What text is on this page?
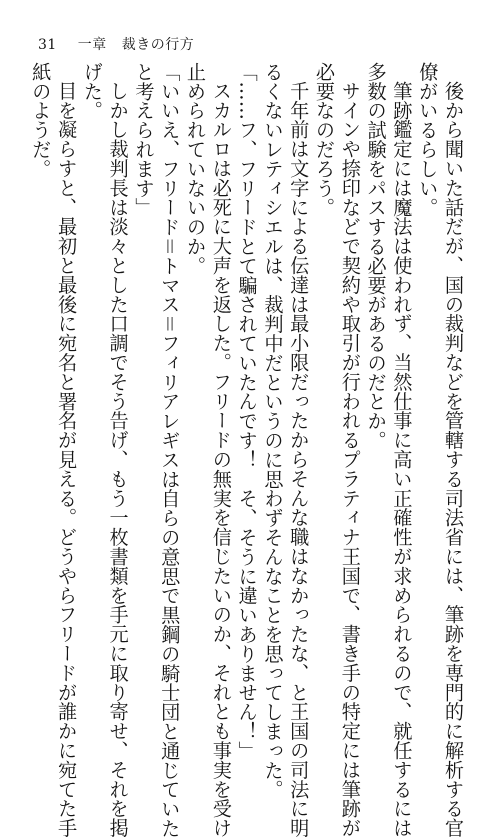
31 一章 裁きの行方
後から聞いた話だが、国の裁判などを管轄する司法省には、筆跡を専門的に解析する官
僚がいるらしい。
筆跡鑑定には魔法は使われず、当然仕事に高い正確性が求められるので、就任するには
多数の試験をパスする必要があるのだとか。
サインや捺印などで契約や取引が行われるプラティナ王国で、書き手の特定には筆跡が
必要なのだろう。
千年前は文字による伝達は最小限だったからそんな職はなかったな、と王国の司法に明
るくないレティシエルは、裁判中だというのに思わずそんなことを思ってしまった。
「……フ、フリードとて騙されていたんです！　そ、そうに違いありません！」
スカルロは必死に大声を返した。フリードの無実を信じたいのか、それとも事実を受け
止められていないのか。
「いいえ、フリード＝トマス＝フィリアレギスは自らの意思で黒鋼の騎士団と通じていた
と考えられます」
しかし裁判長は淡々とした口調でそう告げ、もう一枚書類を手元に取り寄せ、それを掲
げた。
目を凝らすと、最初と最後に宛名と署名が見える。どうやらフリードが誰かに宛てた手
紙のようだ。
